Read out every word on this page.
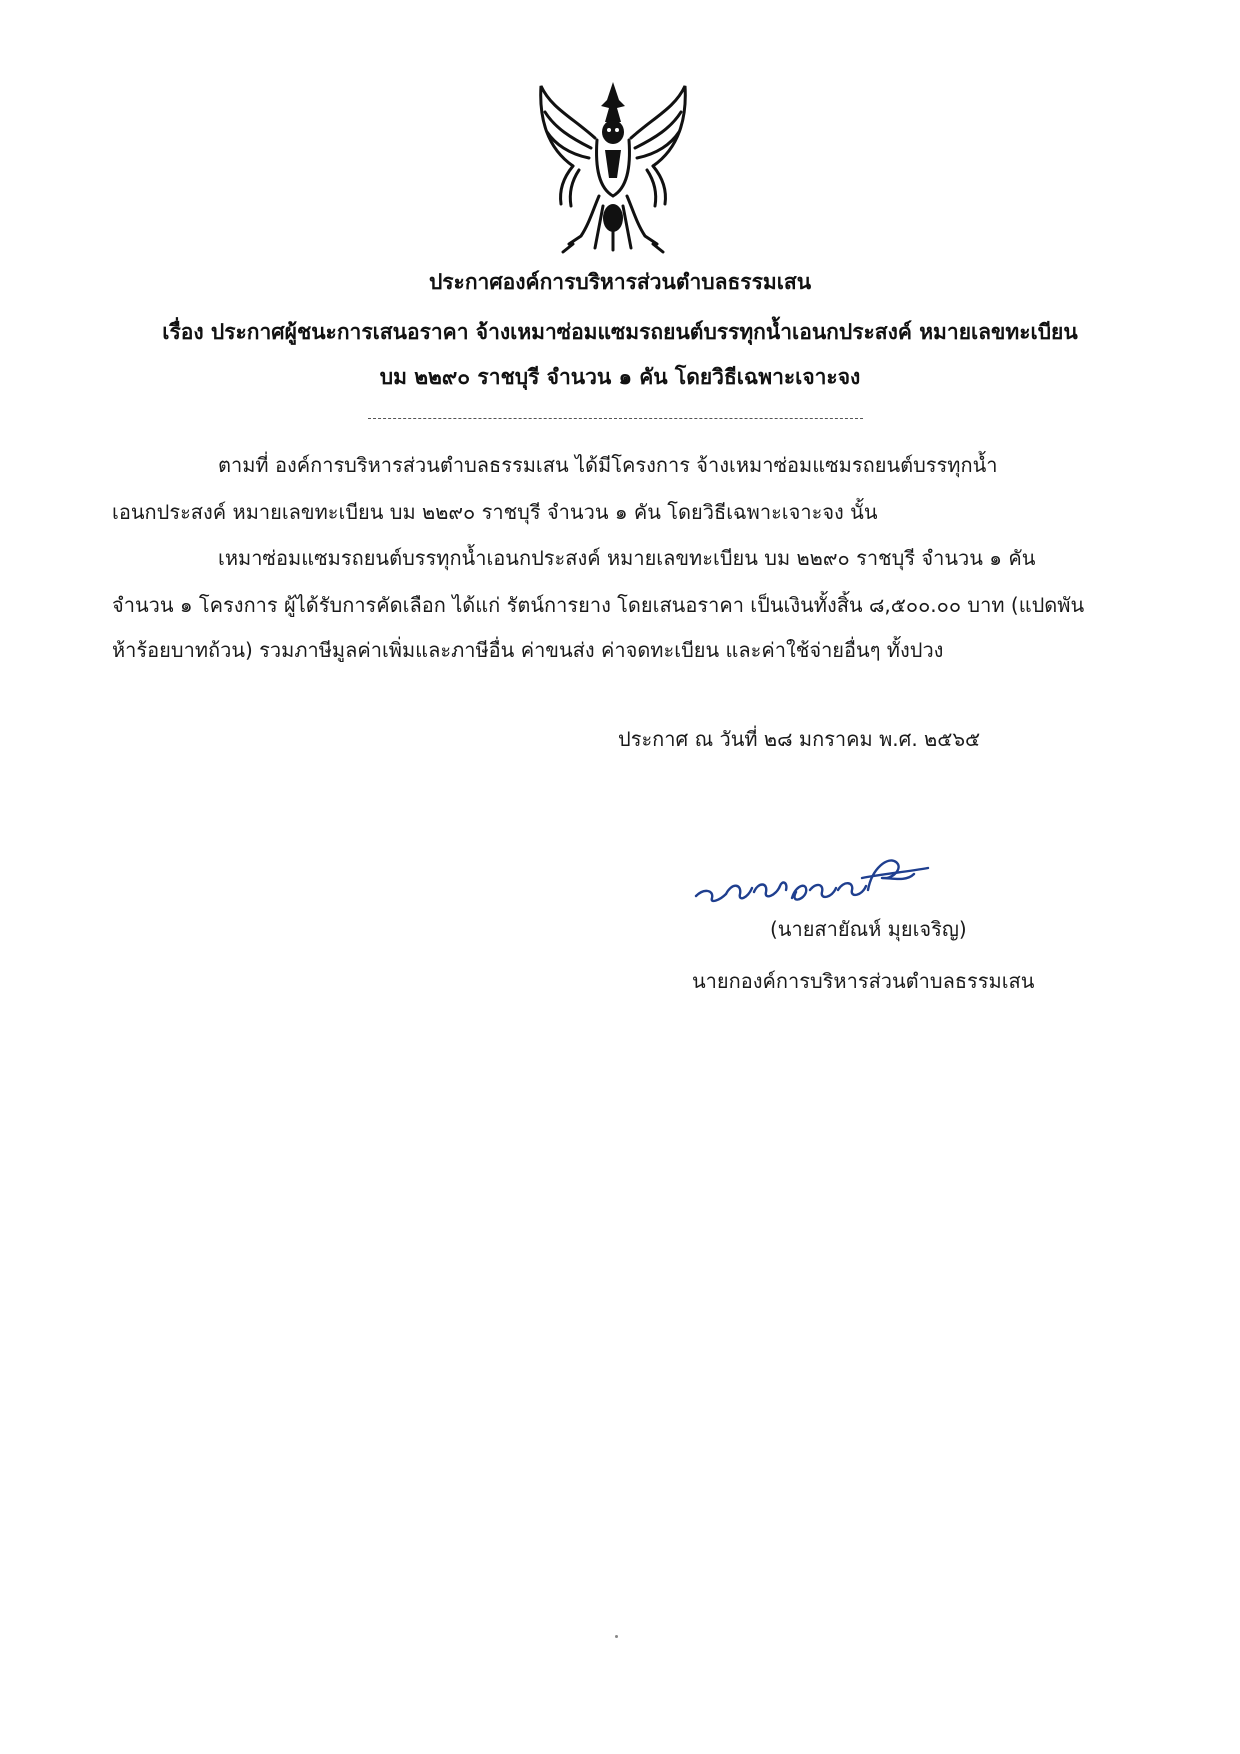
ประกาศองค์การบริหารส่วนตำบลธรรมเสน
เรื่อง ประกาศผู้ชนะการเสนอราคา จ้างเหมาซ่อมแซมรถยนต์บรรทุกน้ำเอนกประสงค์ หมายเลขทะเบียน
บม ๒๒๙๐ ราชบุรี จำนวน ๑ คัน โดยวิธีเฉพาะเจาะจง
ตามที่ องค์การบริหารส่วนตำบลธรรมเสน ได้มีโครงการ จ้างเหมาซ่อมแซมรถยนต์บรรทุกน้ำ
เอนกประสงค์ หมายเลขทะเบียน บม ๒๒๙๐ ราชบุรี จำนวน ๑ คัน โดยวิธีเฉพาะเจาะจง นั้น
เหมาซ่อมแซมรถยนต์บรรทุกน้ำเอนกประสงค์ หมายเลขทะเบียน บม ๒๒๙๐ ราชบุรี จำนวน ๑ คัน
จำนวน ๑ โครงการ ผู้ได้รับการคัดเลือก ได้แก่ รัตน์การยาง โดยเสนอราคา เป็นเงินทั้งสิ้น ๘,๕๐๐.๐๐ บาท (แปดพัน
ห้าร้อยบาทถ้วน) รวมภาษีมูลค่าเพิ่มและภาษีอื่น ค่าขนส่ง ค่าจดทะเบียน และค่าใช้จ่ายอื่นๆ ทั้งปวง
ประกาศ ณ วันที่ ๒๘ มกราคม พ.ศ. ๒๕๖๕
(นายสายัณห์ มุยเจริญ)
นายกองค์การบริหารส่วนตำบลธรรมเสน
